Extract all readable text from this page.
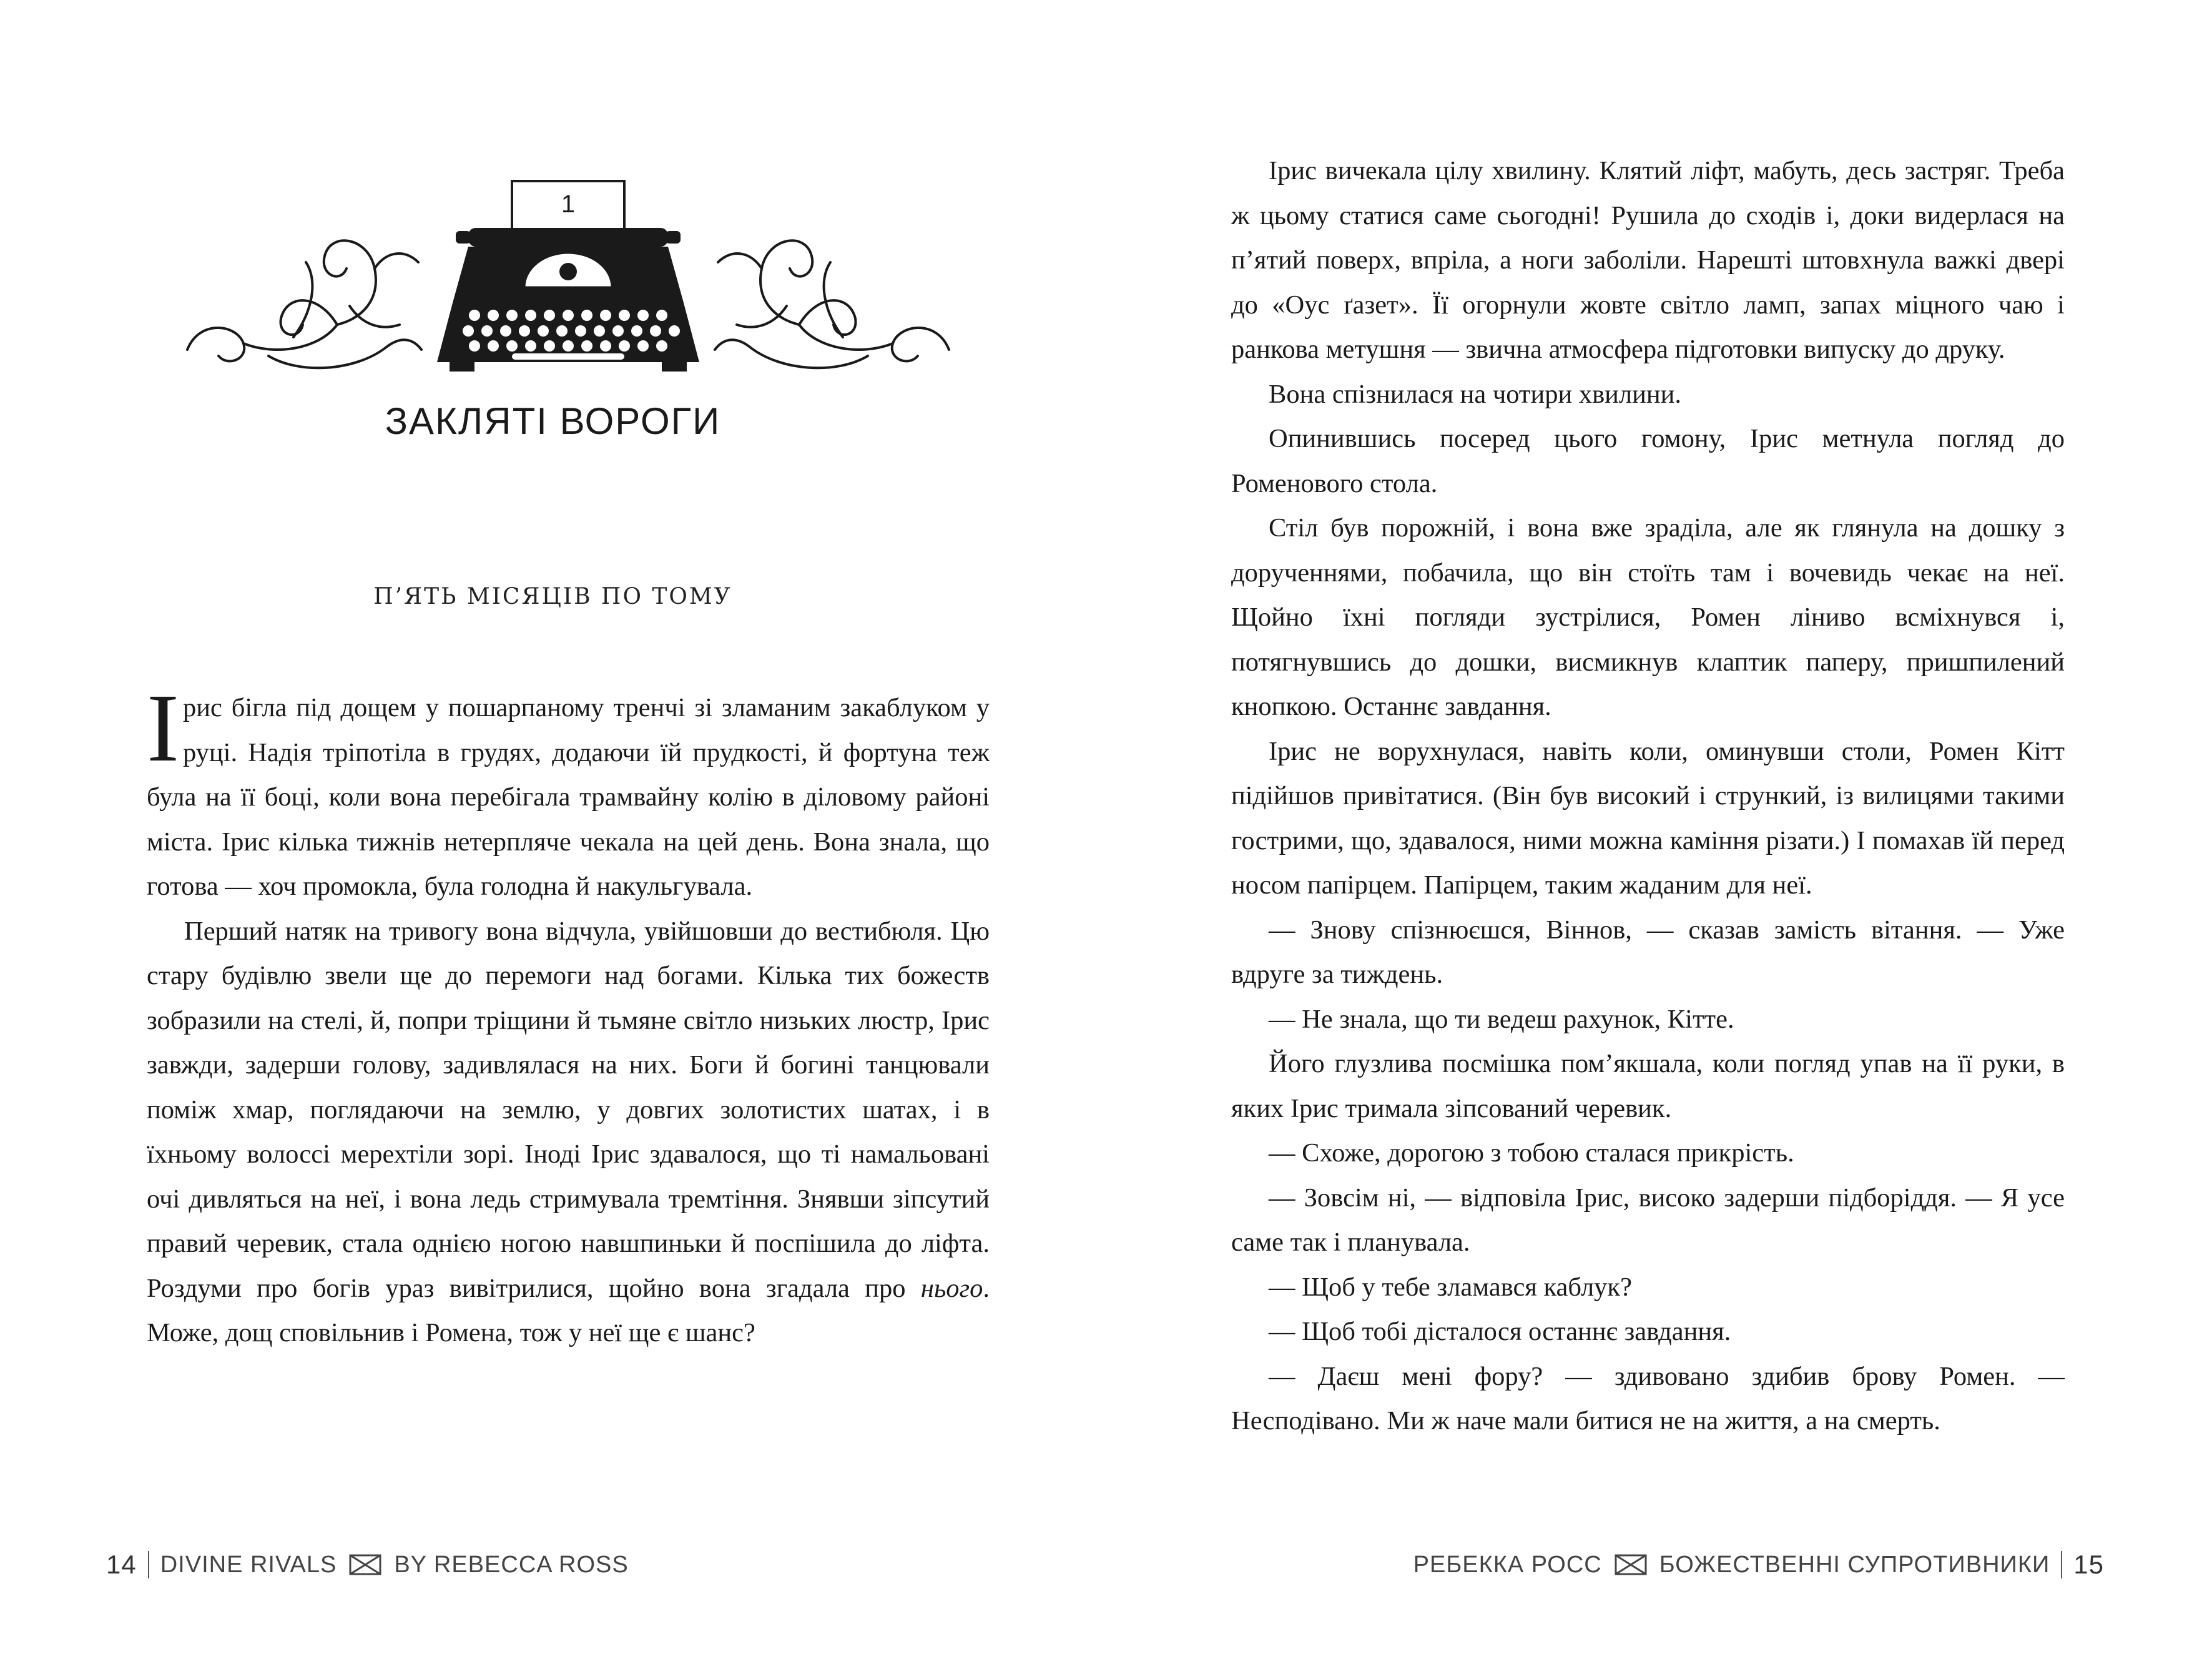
1
ЗАКЛЯТІ ВОРОГИ
П’ЯТЬ МІСЯЦІВ ПО ТОМУ

Ірис бігла під дощем у пошарпаному тренчі зі зламаним закаблуком у руці. Надія тріпотіла в грудях, додаючи їй прудкості, й фортуна теж була на її боці, коли вона перебігала трамвайну колію в діловому районі міста. Ірис кілька тижнів нетерпляче чекала на цей день. Вона знала, що готова — хоч промокла, була голодна й накульгувала.

Перший натяк на тривогу вона відчула, увійшовши до вестибюля. Цю стару будівлю звели ще до перемоги над богами. Кілька тих божеств зобразили на стелі, й, попри тріщини й тьмяне світло низьких люстр, Ірис завжди, задерши голову, задивлялася на них. Боги й богині танцювали поміж хмар, поглядаючи на землю, у довгих золотистих шатах, і в їхньому волоссі мерехтіли зорі. Іноді Ірис здавалося, що ті намальовані очі дивляться на неї, і вона ледь стримувала тремтіння. Знявши зіпсутий правий черевик, стала однією ногою навшпиньки й поспішила до ліфта. Роздуми про богів ураз вивітрилися, щойно вона згадала про нього. Може, дощ сповільнив і Ромена, тож у неї ще є шанс?

14 DIVINE RIVALS BY REBECCA ROSS

Ірис вичекала цілу хвилину. Клятий ліфт, мабуть, десь застряг. Треба ж цьому статися саме сьогодні! Рушила до сходів і, доки видерлася на п’ятий поверх, впріла, а ноги заболіли. Нарешті штовхнула важкі двері до «Оус ґазет». Її огорнули жовте світло ламп, запах міцного чаю і ранкова метушня — звична атмосфера підготовки випуску до друку.

Вона спізнилася на чотири хвилини.

Опинившись посеред цього гомону, Ірис метнула погляд до Роменового стола.

Стіл був порожній, і вона вже зраділа, але як глянула на дошку з дорученнями, побачила, що він стоїть там і вочевидь чекає на неї. Щойно їхні погляди зустрілися, Ромен ліниво всміхнувся і, потягнувшись до дошки, висмикнув клаптик паперу, пришпилений кнопкою. Останнє завдання.

Ірис не ворухнулася, навіть коли, оминувши столи, Ромен Кітт підійшов привітатися. (Він був високий і стрункий, із вилицями такими гострими, що, здавалося, ними можна каміння різати.) І помахав їй перед носом папірцем. Папірцем, таким жаданим для неї.

— Знову спізнюєшся, Віннов, — сказав замість вітання. — Уже вдруге за тиждень.

— Не знала, що ти ведеш рахунок, Кітте.

Його глузлива посмішка пом’якшала, коли погляд упав на її руки, в яких Ірис тримала зіпсований черевик.

— Схоже, дорогою з тобою сталася прикрість.

— Зовсім ні, — відповіла Ірис, високо задерши підборіддя. — Я усе саме так і планувала.

— Щоб у тебе зламався каблук?

— Щоб тобі дісталося останнє завдання.

— Даєш мені фору? — здивовано здибив брову Ромен. — Несподівано. Ми ж наче мали битися не на життя, а на смерть.

РЕБЕККА РОСС БОЖЕСТВЕННІ СУПРОТИВНИКИ 15
